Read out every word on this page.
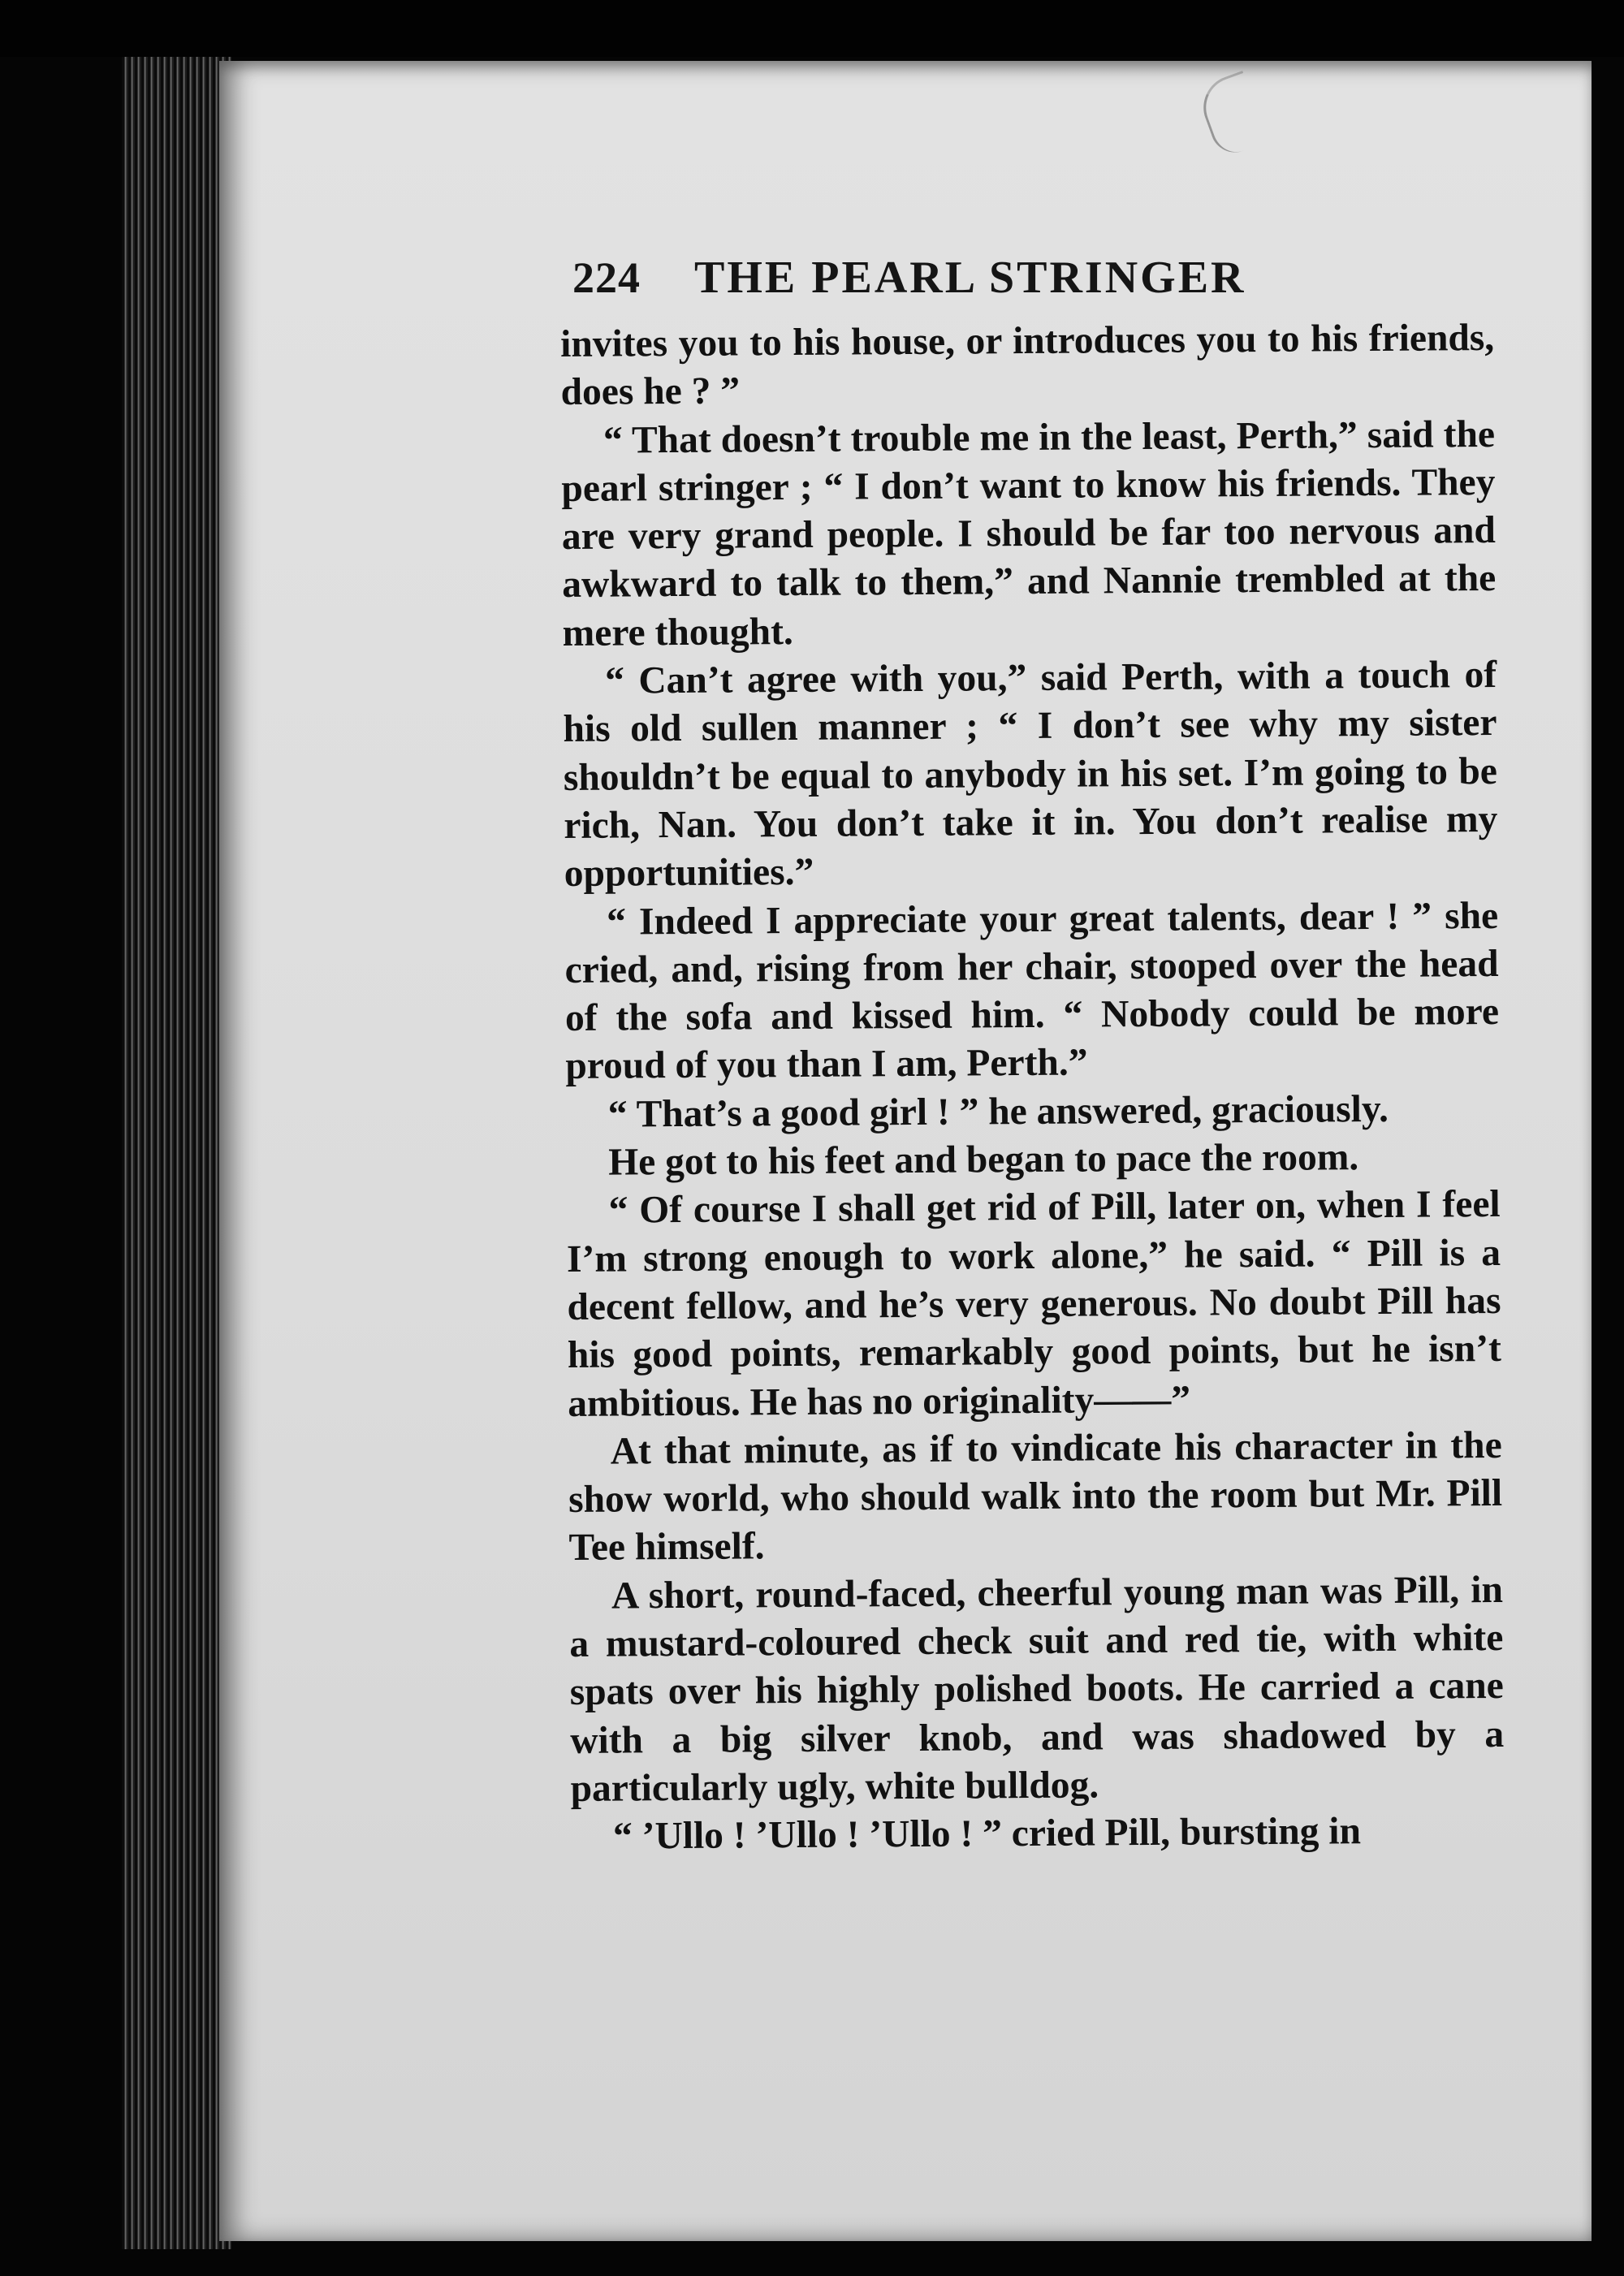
224 THE PEARL STRINGER

invites you to his house, or introduces you to his friends, does he ? ”

“ That doesn’t trouble me in the least, Perth,” said the pearl stringer ; “ I don’t want to know his friends. They are very grand people. I should be far too nervous and awkward to talk to them,” and Nannie trembled at the mere thought.

“ Can’t agree with you,” said Perth, with a touch of his old sullen manner ; “ I don’t see why my sister shouldn’t be equal to anybody in his set. I’m going to be rich, Nan. You don’t take it in. You don’t realise my opportunities.”

“ Indeed I appreciate your great talents, dear ! ” she cried, and, rising from her chair, stooped over the head of the sofa and kissed him. “ Nobody could be more proud of you than I am, Perth.”

“ That’s a good girl ! ” he answered, graciously.

He got to his feet and began to pace the room.

“ Of course I shall get rid of Pill, later on, when I feel I’m strong enough to work alone,” he said. “ Pill is a decent fellow, and he’s very generous. No doubt Pill has his good points, remarkably good points, but he isn’t ambitious. He has no originality——”

At that minute, as if to vindicate his character in the show world, who should walk into the room but Mr. Pill Tee himself.

A short, round-faced, cheerful young man was Pill, in a mustard-coloured check suit and red tie, with white spats over his highly polished boots. He carried a cane with a big silver knob, and was shadowed by a particularly ugly, white bulldog.

“ ’Ullo ! ’Ullo ! ’Ullo ! ” cried Pill, bursting in
